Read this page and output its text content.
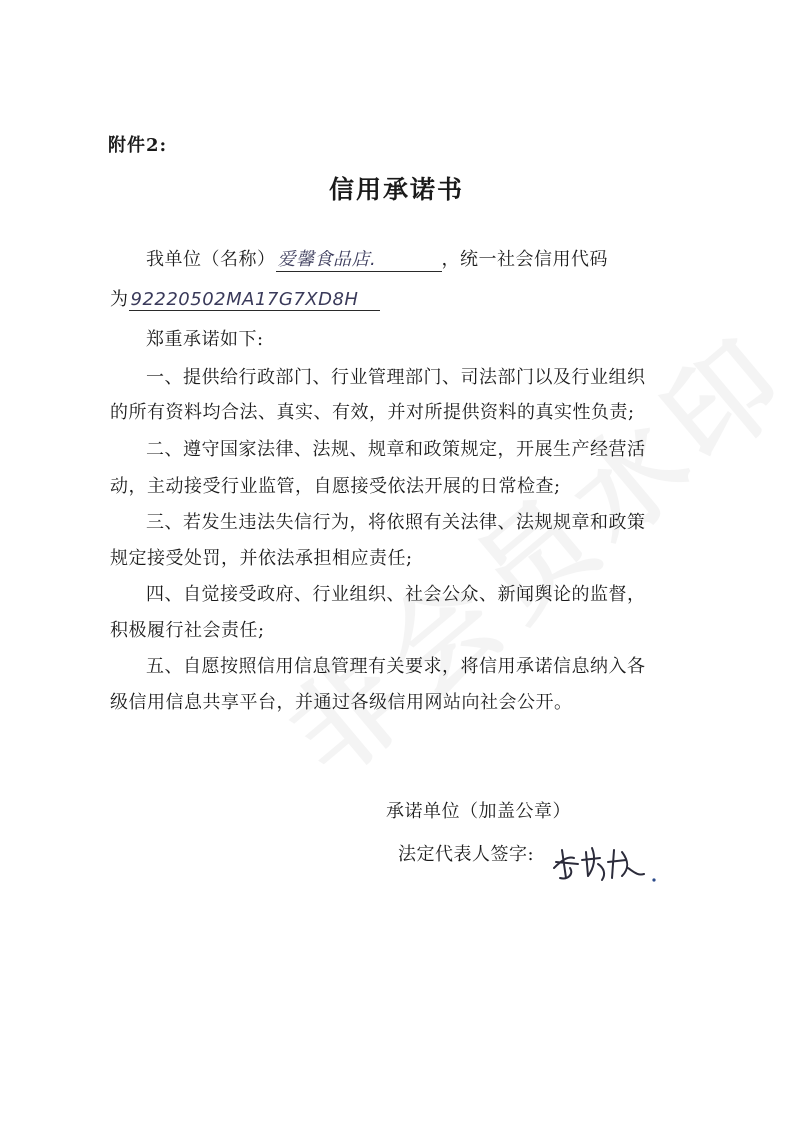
附件2:
信用承诺书
我单位（名称） 爱馨食品店.	，统一社会信用代码
为 92220502MA17G7XD8H
郑重承诺如下:
一、提供给行政部门、行业管理部门、司法部门以及行业组织
的所有资料均合法、真实、有效，并对所提供资料的真实性负责;
二、遵守国家法律、法规、规章和政策规定，开展生产经营活
动，主动接受行业监管，自愿接受依法开展的日常检查;
三、若发生违法失信行为，将依照有关法律、法规规章和政策
规定接受处罚，并依法承担相应责任;
四、自觉接受政府、行业组织、社会公众、新闻舆论的监督，
积极履行社会责任;
五、自愿按照信用信息管理有关要求，将信用承诺信息纳入各
级信用信息共享平台，并通过各级信用网站向社会公开。
承诺单位（加盖公章）
法定代表人签字:
